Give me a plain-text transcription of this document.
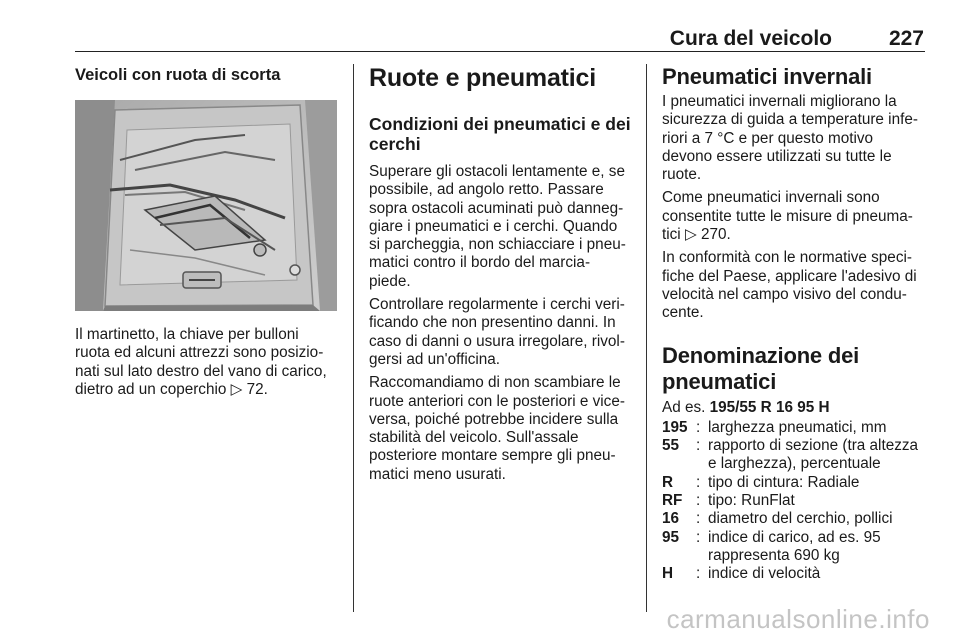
Cura del veicolo	227
Veicoli con ruota di scorta

Il martinetto, la chiave per bulloni

ruota ed alcuni attrezzi sono posizio-

nati sul lato destro del vano di carico,

dietro ad un coperchio ▷ 72.

Ruote e pneumatici
Condizioni dei pneumatici e dei
cerchi

Superare gli ostacoli lentamente e, se

possibile, ad angolo retto. Passare

sopra ostacoli acuminati può danneg-

giare i pneumatici e i cerchi. Quando

si parcheggia, non schiacciare i pneu-

matici contro il bordo del marcia-

piede.

Controllare regolarmente i cerchi veri-

ficando che non presentino danni. In

caso di danni o usura irregolare, rivol-

gersi ad un'officina.

Raccomandiamo di non scambiare le

ruote anteriori con le posteriori e vice-

versa, poiché potrebbe incidere sulla

stabilità del veicolo. Sull'assale

posteriore montare sempre gli pneu-

matici meno usurati.

Pneumatici invernali

I pneumatici invernali migliorano la

sicurezza di guida a temperature infe-

riori a 7 °C e per questo motivo

devono essere utilizzati su tutte le

ruote.

Come pneumatici invernali sono

consentite tutte le misure di pneuma-

tici ▷ 270.

In conformità con le normative speci-

fiche del Paese, applicare l'adesivo di

velocità nel campo visivo del condu-

cente.

Denominazione dei
pneumatici

Ad es. 195/55 R 16 95 H

195 : larghezza pneumatici, mm
55	: rapporto di sezione (tra altezza
e larghezza), percentuale
R	: tipo di cintura: Radiale
RF : tipo: RunFlat
16	: diametro del cerchio, pollici
95	: indice di carico, ad es. 95
rappresenta 690 kg
H	: indice di velocità
carmanualsonline.info
